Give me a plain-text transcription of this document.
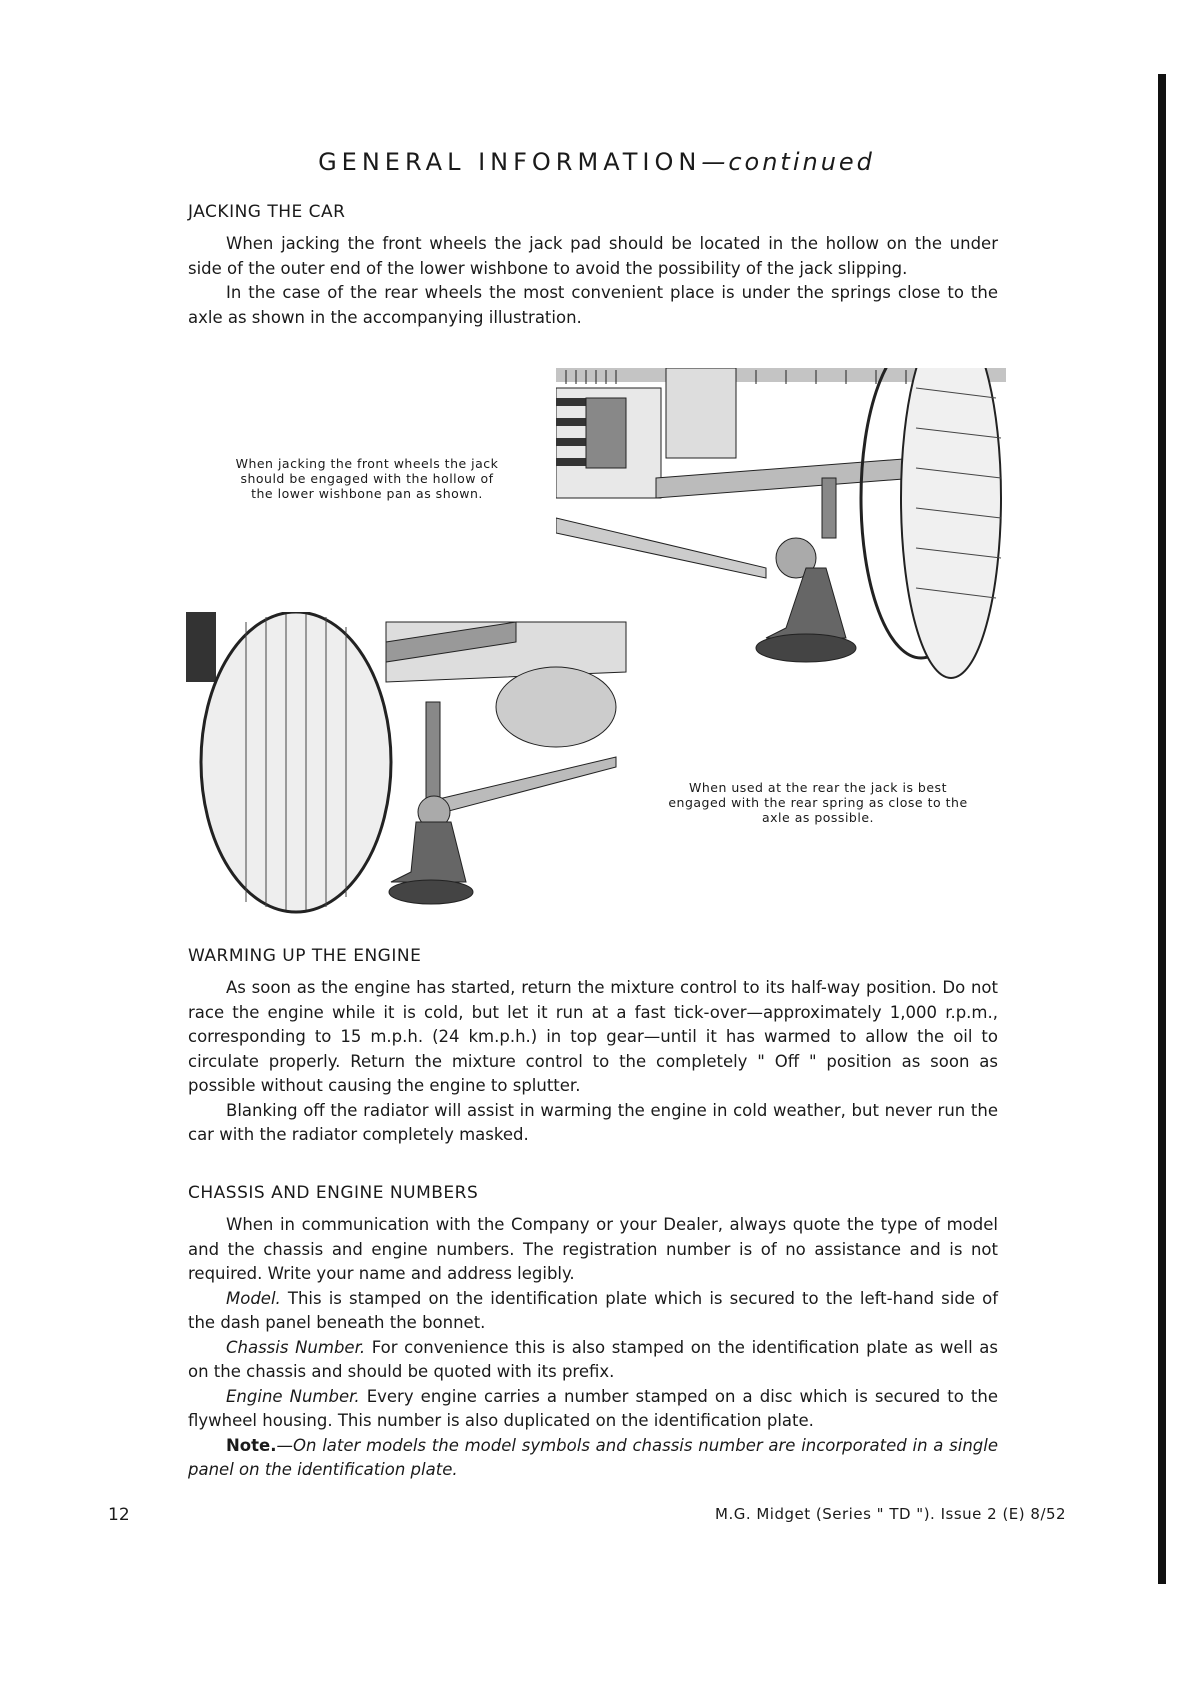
GENERAL INFORMATION—continued
JACKING THE CAR

When jacking the front wheels the jack pad should be located in the hollow on the under side of the outer end of the lower wishbone to avoid the possibility of the jack slipping.

In the case of the rear wheels the most convenient place is under the springs close to the axle as shown in the accompanying illustration.

When jacking the front wheels the jack should be engaged with the hollow of the lower wishbone pan as shown.
When used at the rear the jack is best engaged with the rear spring as close to the axle as possible.
WARMING UP THE ENGINE

As soon as the engine has started, return the mixture control to its half-way position. Do not race the engine while it is cold, but let it run at a fast tick-over—approximately 1,000 r.p.m., corresponding to 15 m.p.h. (24 km.p.h.) in top gear—until it has warmed to allow the oil to circulate properly. Return the mixture control to the completely " Off " position as soon as possible without causing the engine to splutter.

Blanking off the radiator will assist in warming the engine in cold weather, but never run the car with the radiator completely masked.

CHASSIS AND ENGINE NUMBERS

When in communication with the Company or your Dealer, always quote the type of model and the chassis and engine numbers. The registration number is of no assistance and is not required. Write your name and address legibly.

Model. This is stamped on the identification plate which is secured to the left-hand side of the dash panel beneath the bonnet.

Chassis Number. For convenience this is also stamped on the identification plate as well as on the chassis and should be quoted with its prefix.

Engine Number. Every engine carries a number stamped on a disc which is secured to the flywheel housing. This number is also duplicated on the identification plate.

Note.—On later models the model symbols and chassis number are incorporated in a single panel on the identification plate.

12	M.G. Midget (Series " TD "). Issue 2 (E) 8/52
